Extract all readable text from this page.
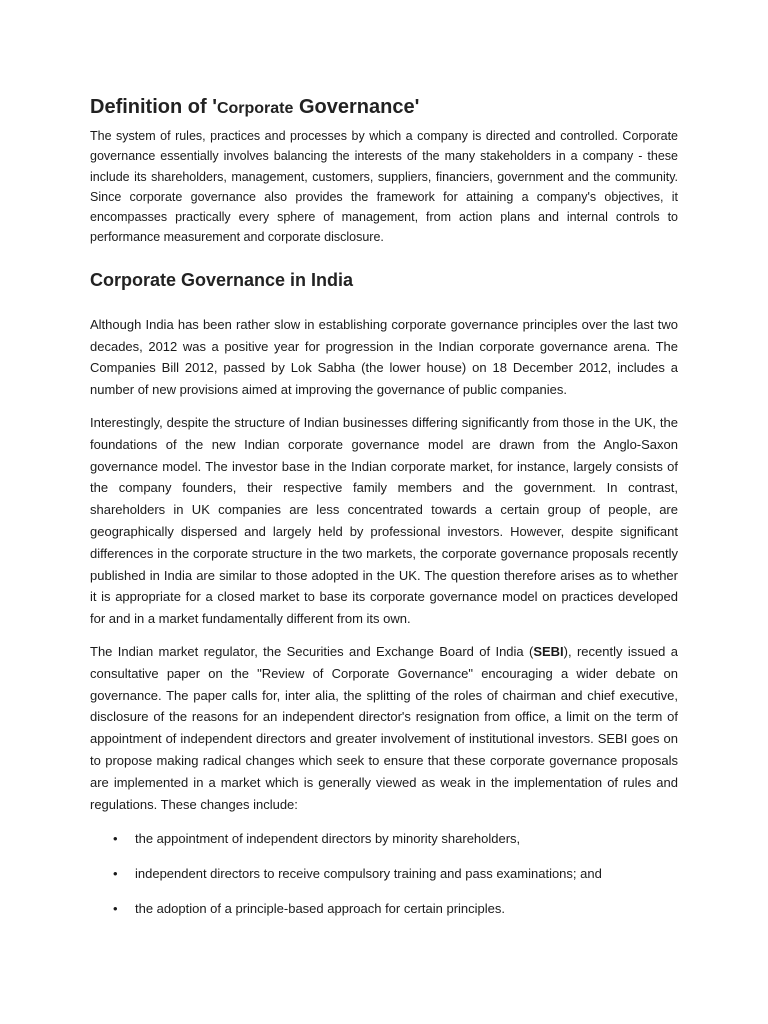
Definition of 'Corporate Governance'

The system of rules, practices and processes by which a company is directed and controlled. Corporate governance essentially involves balancing the interests of the many stakeholders in a company - these include its shareholders, management, customers, suppliers, financiers, government and the community. Since corporate governance also provides the framework for attaining a company's objectives, it encompasses practically every sphere of management, from action plans and internal controls to performance measurement and corporate disclosure.

Corporate Governance in India

Although India has been rather slow in establishing corporate governance principles over the last two decades, 2012 was a positive year for progression in the Indian corporate governance arena. The Companies Bill 2012, passed by Lok Sabha (the lower house) on 18 December 2012, includes a number of new provisions aimed at improving the governance of public companies.

Interestingly, despite the structure of Indian businesses differing significantly from those in the UK, the foundations of the new Indian corporate governance model are drawn from the Anglo-Saxon governance model. The investor base in the Indian corporate market, for instance, largely consists of the company founders, their respective family members and the government. In contrast, shareholders in UK companies are less concentrated towards a certain group of people, are geographically dispersed and largely held by professional investors. However, despite significant differences in the corporate structure in the two markets, the corporate governance proposals recently published in India are similar to those adopted in the UK. The question therefore arises as to whether it is appropriate for a closed market to base its corporate governance model on practices developed for and in a market fundamentally different from its own.

The Indian market regulator, the Securities and Exchange Board of India (SEBI), recently issued a consultative paper on the "Review of Corporate Governance" encouraging a wider debate on governance. The paper calls for, inter alia, the splitting of the roles of chairman and chief executive, disclosure of the reasons for an independent director's resignation from office, a limit on the term of appointment of independent directors and greater involvement of institutional investors. SEBI goes on to propose making radical changes which seek to ensure that these corporate governance proposals are implemented in a market which is generally viewed as weak in the implementation of rules and regulations. These changes include:

• the appointment of independent directors by minority shareholders,
• independent directors to receive compulsory training and pass examinations; and
• the adoption of a principle-based approach for certain principles.
